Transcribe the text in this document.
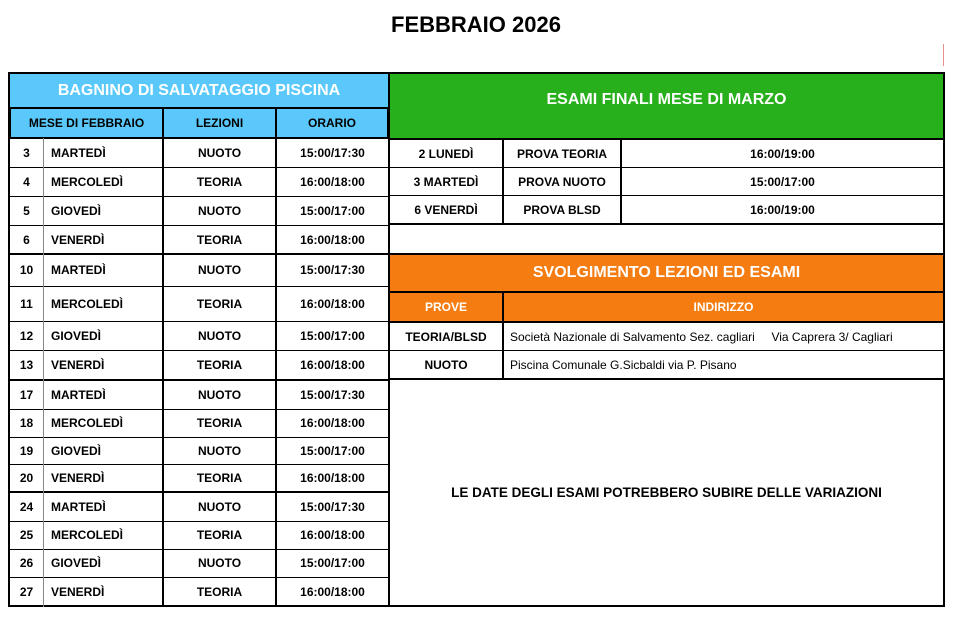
FEBBRAIO 2026
BAGNINO DI SALVATAGGIO PISCINA
MESE DI FEBBRAIO	LEZIONI	ORARIO
3	MARTEDÌ	NUOTO	15:00/17:30
4	MERCOLEDÌ	TEORIA	16:00/18:00
5	GIOVEDÌ	NUOTO	15:00/17:00
6	VENERDÌ	TEORIA	16:00/18:00
10	MARTEDÌ	NUOTO	15:00/17:30
11	MERCOLEDÌ	TEORIA	16:00/18:00
12	GIOVEDÌ	NUOTO	15:00/17:00
13	VENERDÌ	TEORIA	16:00/18:00
17	MARTEDÌ	NUOTO	15:00/17:30
18	MERCOLEDÌ	TEORIA	16:00/18:00
19	GIOVEDÌ	NUOTO	15:00/17:00
20	VENERDÌ	TEORIA	16:00/18:00
24	MARTEDÌ	NUOTO	15:00/17:30
25	MERCOLEDÌ	TEORIA	16:00/18:00
26	GIOVEDÌ	NUOTO	15:00/17:00
27	VENERDÌ	TEORIA	16:00/18:00
ESAMI FINALI MESE DI MARZO
2 LUNEDÌ	PROVA TEORIA	16:00/19:00
3 MARTEDÌ	PROVA NUOTO	15:00/17:00
6 VENERDÌ	PROVA BLSD	16:00/19:00
SVOLGIMENTO LEZIONI ED ESAMI
PROVE	INDIRIZZO
TEORIA/BLSD	Società Nazionale di Salvamento Sez. cagliari     Via Caprera 3/ Cagliari
NUOTO	Piscina Comunale G.Sicbaldi via P. Pisano
LE DATE DEGLI ESAMI POTREBBERO SUBIRE DELLE VARIAZIONI
